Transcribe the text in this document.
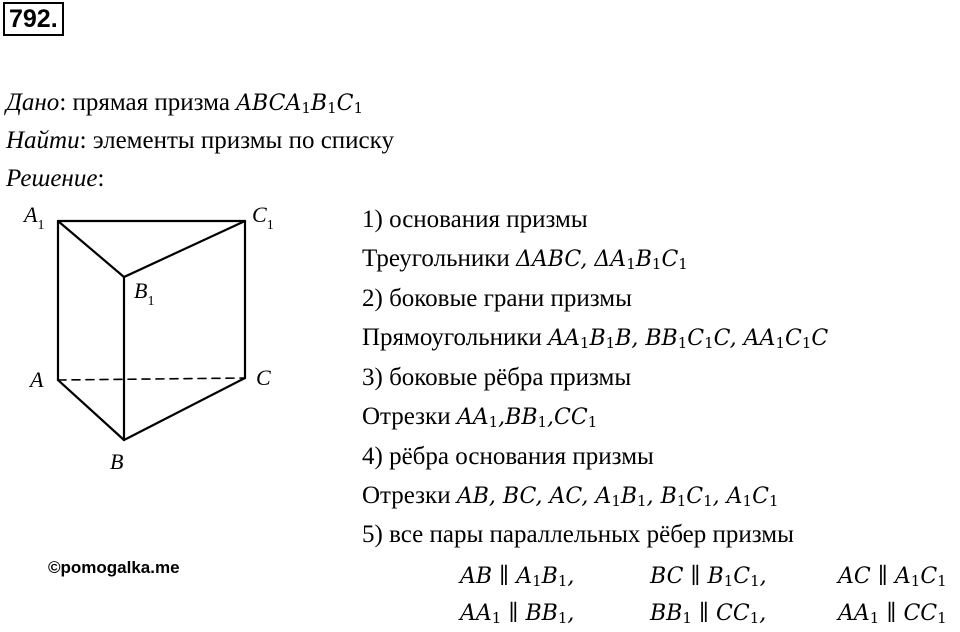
792.
Дано: прямая призма $ABCA_1B_1C_1$
Найти: элементы призмы по списку
Решение:
$A_1$	$C_1$
$B_1$
A	C
B
1) основания призмы
Треугольники ΔABC, $\Delta A_1B_1C_1$
2) боковые грани призмы
Прямоугольники $AA_1B_1B$, $BB_1C_1C$, $AA_1C_1C$
3) боковые рёбра призмы
Отрезки $AA_1,BB_1,CC_1$
4) рёбра основания призмы
Отрезки AB, BC, AC, $A_1B_1$, $B_1C_1$, $A_1C_1$
5) все пары параллельных рёбер призмы
AB ∥ $A_1B_1$,	BC ∥ $B_1C_1$,	AC ∥ $A_1C_1$
$AA_1$ ∥ $BB_1$,	$BB_1$ ∥ $CC_1$,	$AA_1$ ∥ $CC_1$
©pomogalka.me
